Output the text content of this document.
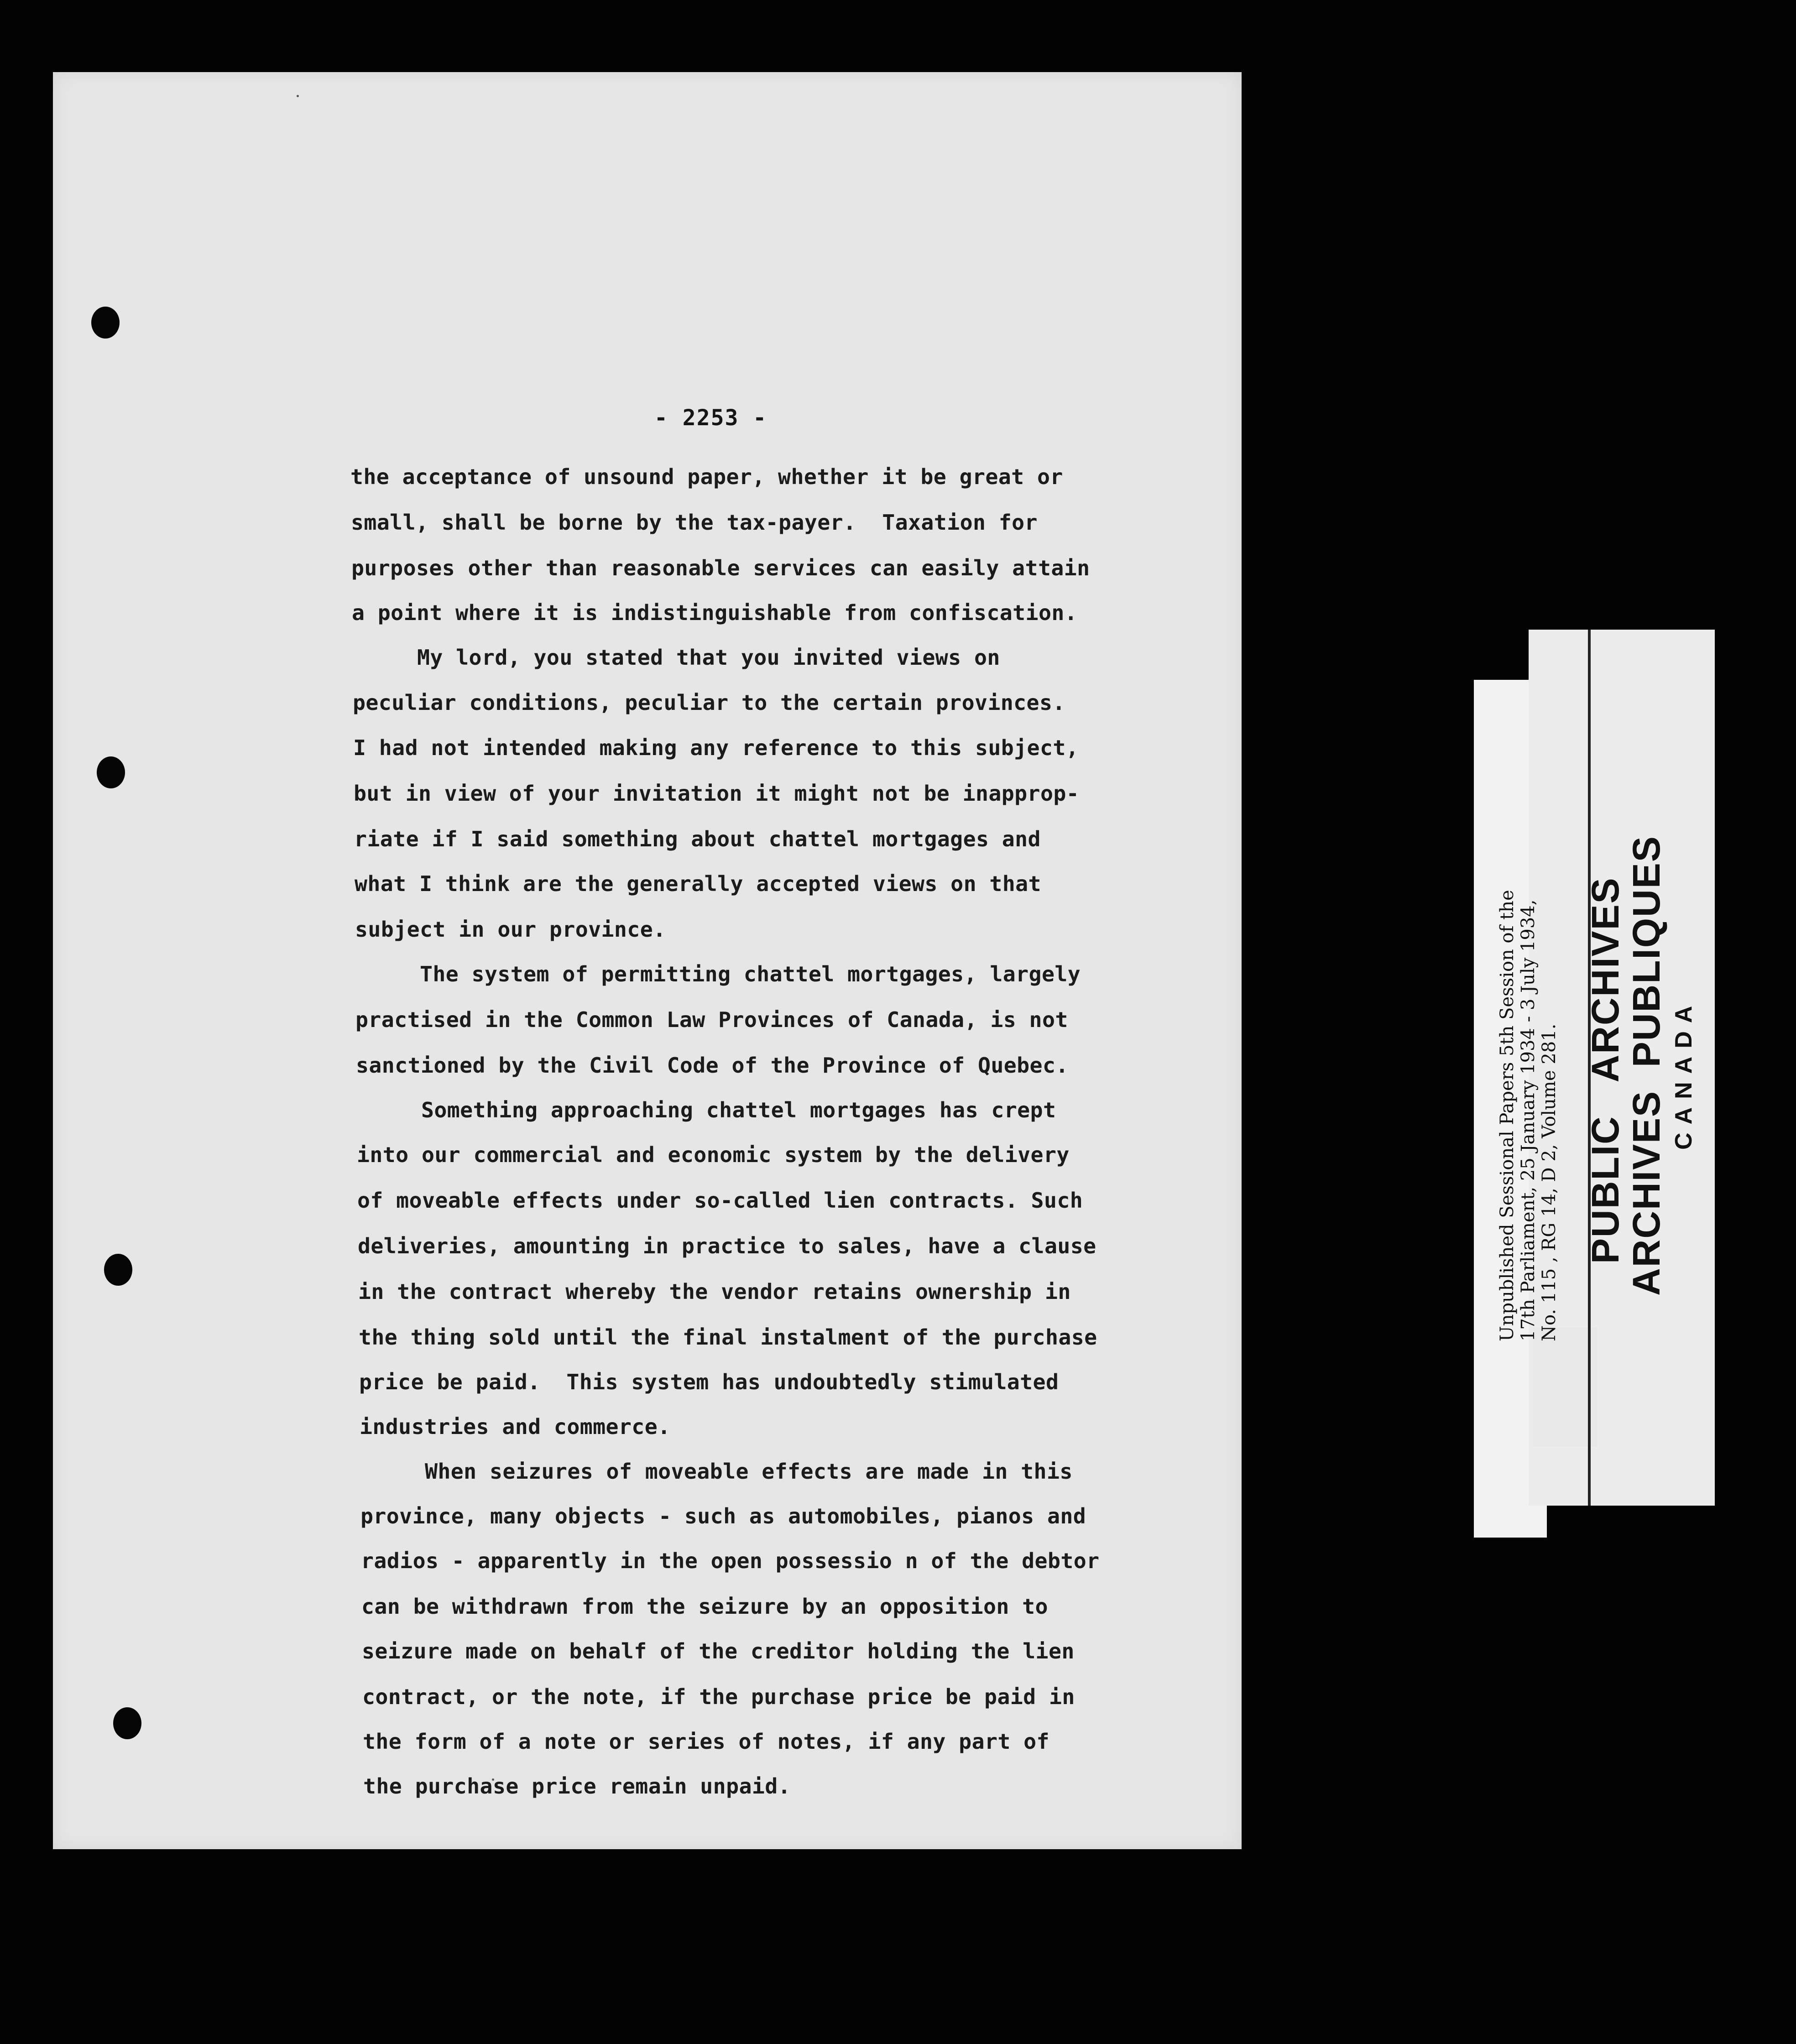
- 2253 -
the acceptance of unsound paper, whether it be great or
small, shall be borne by the tax-payer.  Taxation for
purposes other than reasonable services can easily attain
a point where it is indistinguishable from confiscation.
My lord, you stated that you invited views on
peculiar conditions, peculiar to the certain provinces.
I had not intended making any reference to this subject,
but in view of your invitation it might not be inapprop-
riate if I said something about chattel mortgages and
what I think are the generally accepted views on that
subject in our province.
The system of permitting chattel mortgages, largely
practised in the Common Law Provinces of Canada, is not
sanctioned by the Civil Code of the Province of Quebec.
Something approaching chattel mortgages has crept
into our commercial and economic system by the delivery
of moveable effects under so-called lien contracts. Such
deliveries, amounting in practice to sales, have a clause
in the contract whereby the vendor retains ownership in
the thing sold until the final instalment of the purchase
price be paid.  This system has undoubtedly stimulated
industries and commerce.
When seizures of moveable effects are made in this
province, many objects - such as automobiles, pianos and
radios - apparently in the open possessio n of the debtor
can be withdrawn from the seizure by an opposition to
seizure made on behalf of the creditor holding the lien
contract, or the note, if the purchase price be paid in
the form of a note or series of notes, if any part of
the purchase price remain unpaid.
Unpublished Sessional Papers 5th Session of the 17th Parliament, 25 January 1934 - 3 July 1934, No. 115 , RG 14, D 2, Volume 281. PUBLIC   ARCHIVES
ARCHIVES  PUBLIQUES CANADA
